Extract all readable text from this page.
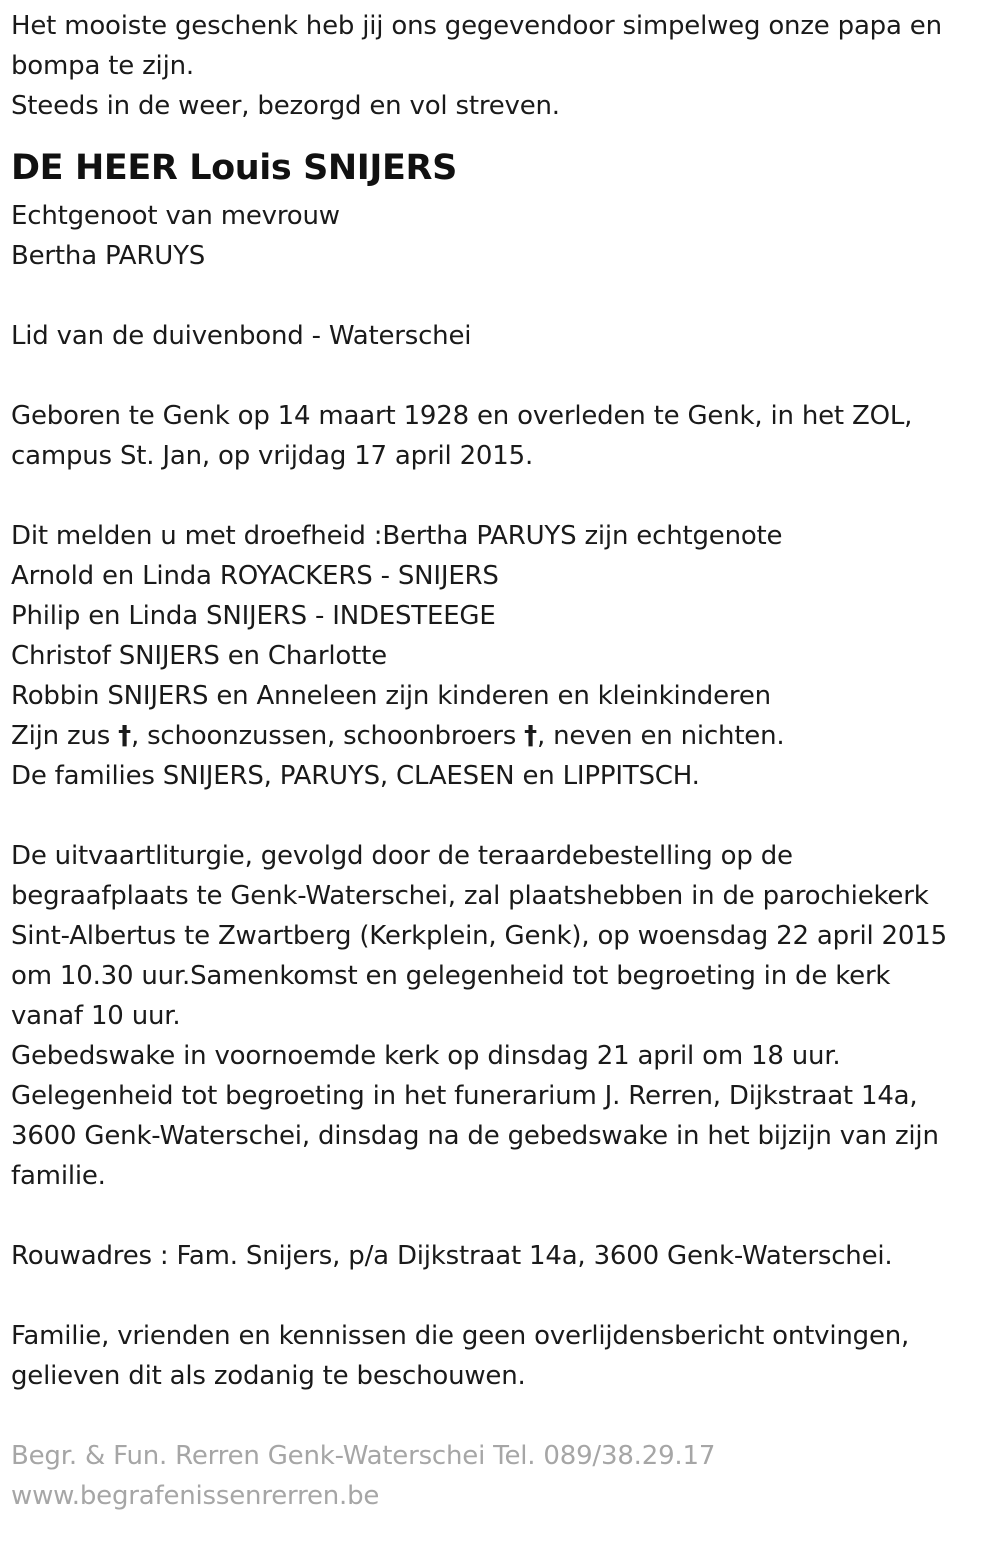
Het mooiste geschenk heb jij ons gegevendoor simpelweg onze papa en
bompa te zijn.
Steeds in de weer, bezorgd en vol streven.
DE HEER Louis SNIJERS
Echtgenoot van mevrouw
Bertha PARUYS
Lid van de duivenbond - Waterschei
Geboren te Genk op 14 maart 1928 en overleden te Genk, in het ZOL,
campus St. Jan, op vrijdag 17 april 2015.
Dit melden u met droefheid :Bertha PARUYS zijn echtgenote
Arnold en Linda ROYACKERS - SNIJERS
Philip en Linda SNIJERS - INDESTEEGE
Christof SNIJERS en Charlotte
Robbin SNIJERS en Anneleen zijn kinderen en kleinkinderen
Zijn zus †, schoonzussen, schoonbroers †, neven en nichten.
De families SNIJERS, PARUYS, CLAESEN en LIPPITSCH.
De uitvaartliturgie, gevolgd door de teraardebestelling op de
begraafplaats te Genk-Waterschei, zal plaatshebben in de parochiekerk
Sint-Albertus te Zwartberg (Kerkplein, Genk), op woensdag 22 april 2015
om 10.30 uur.Samenkomst en gelegenheid tot begroeting in de kerk
vanaf 10 uur.
Gebedswake in voornoemde kerk op dinsdag 21 april om 18 uur.
Gelegenheid tot begroeting in het funerarium J. Rerren, Dijkstraat 14a,
3600 Genk-Waterschei, dinsdag na de gebedswake in het bijzijn van zijn
familie.
Rouwadres : Fam. Snijers, p/a Dijkstraat 14a, 3600 Genk-Waterschei.
Familie, vrienden en kennissen die geen overlijdensbericht ontvingen,
gelieven dit als zodanig te beschouwen.
Begr. & Fun. Rerren Genk-Waterschei Tel. 089/38.29.17
www.begrafenissenrerren.be
